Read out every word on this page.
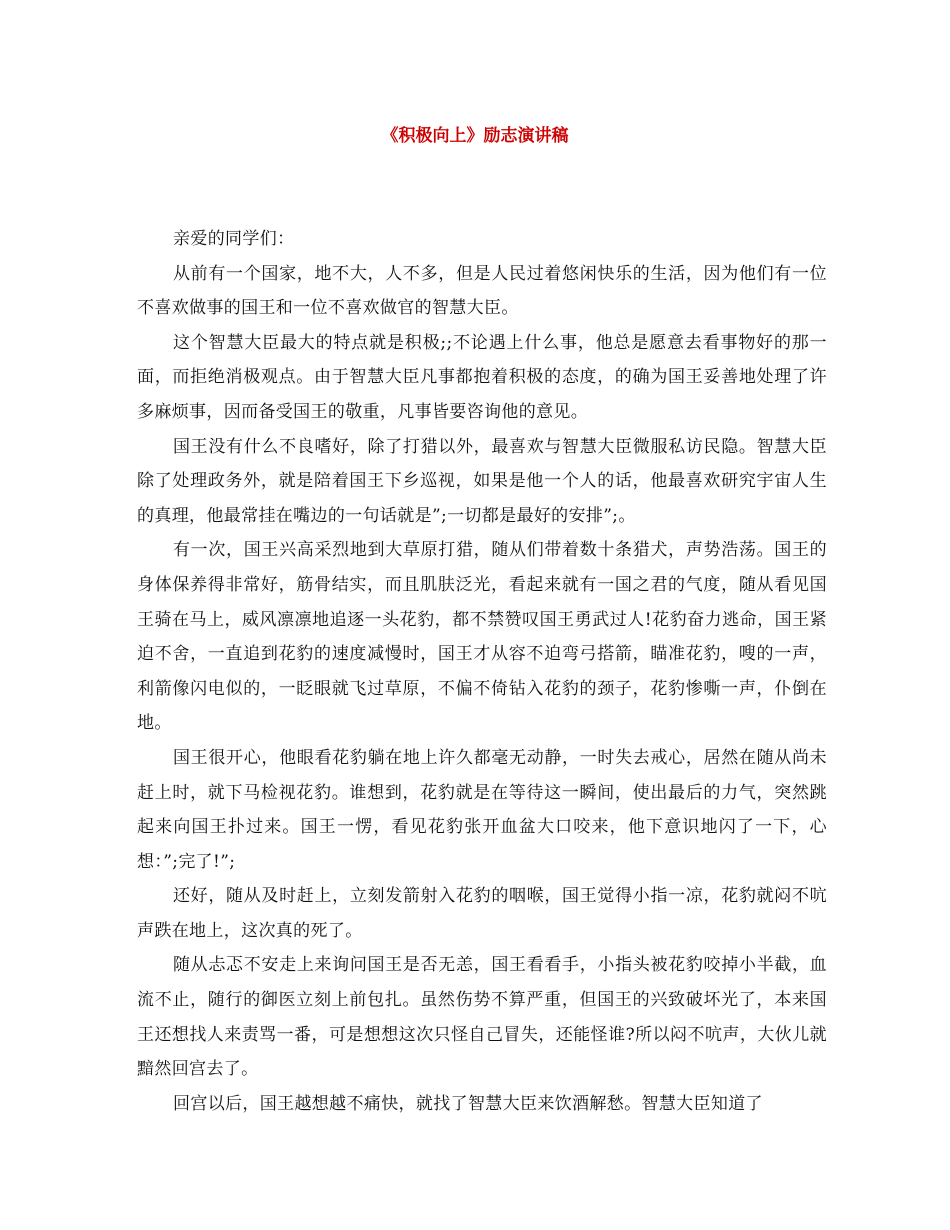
《积极向上》励志演讲稿

亲爱的同学们：

从前有一个国家，地不大，人不多，但是人民过着悠闲快乐的生活，因为他们有一位不喜欢做事的国王和一位不喜欢做官的智慧大臣。

这个智慧大臣最大的特点就是积极;;不论遇上什么事，他总是愿意去看事物好的那一面，而拒绝消极观点。由于智慧大臣凡事都抱着积极的态度，的确为国王妥善地处理了许多麻烦事，因而备受国王的敬重，凡事皆要咨询他的意见。

国王没有什么不良嗜好，除了打猎以外，最喜欢与智慧大臣微服私访民隐。智慧大臣除了处理政务外，就是陪着国王下乡巡视，如果是他一个人的话，他最喜欢研究宇宙人生的真理，他最常挂在嘴边的一句话就是”;一切都是最好的安排”;。

有一次，国王兴高采烈地到大草原打猎，随从们带着数十条猎犬，声势浩荡。国王的身体保养得非常好，筋骨结实，而且肌肤泛光，看起来就有一国之君的气度，随从看见国王骑在马上，威风凛凛地追逐一头花豹，都不禁赞叹国王勇武过人!花豹奋力逃命，国王紧迫不舍，一直追到花豹的速度减慢时，国王才从容不迫弯弓搭箭，瞄准花豹，嗖的一声，利箭像闪电似的，一眨眼就飞过草原，不偏不倚钻入花豹的颈子，花豹惨嘶一声，仆倒在地。

国王很开心，他眼看花豹躺在地上许久都毫无动静，一时失去戒心，居然在随从尚未赶上时，就下马检视花豹。谁想到，花豹就是在等待这一瞬间，使出最后的力气，突然跳起来向国王扑过来。国王一愣，看见花豹张开血盆大口咬来，他下意识地闪了一下，心想：”;完了!”;

还好，随从及时赶上，立刻发箭射入花豹的咽喉，国王觉得小指一凉，花豹就闷不吭声跌在地上，这次真的死了。

随从忐忑不安走上来询问国王是否无恙，国王看看手，小指头被花豹咬掉小半截，血流不止，随行的御医立刻上前包扎。虽然伤势不算严重，但国王的兴致破坏光了，本来国王还想找人来责骂一番，可是想想这次只怪自己冒失，还能怪谁?所以闷不吭声，大伙儿就黯然回宫去了。

回宫以后，国王越想越不痛快，就找了智慧大臣来饮酒解愁。智慧大臣知道了
